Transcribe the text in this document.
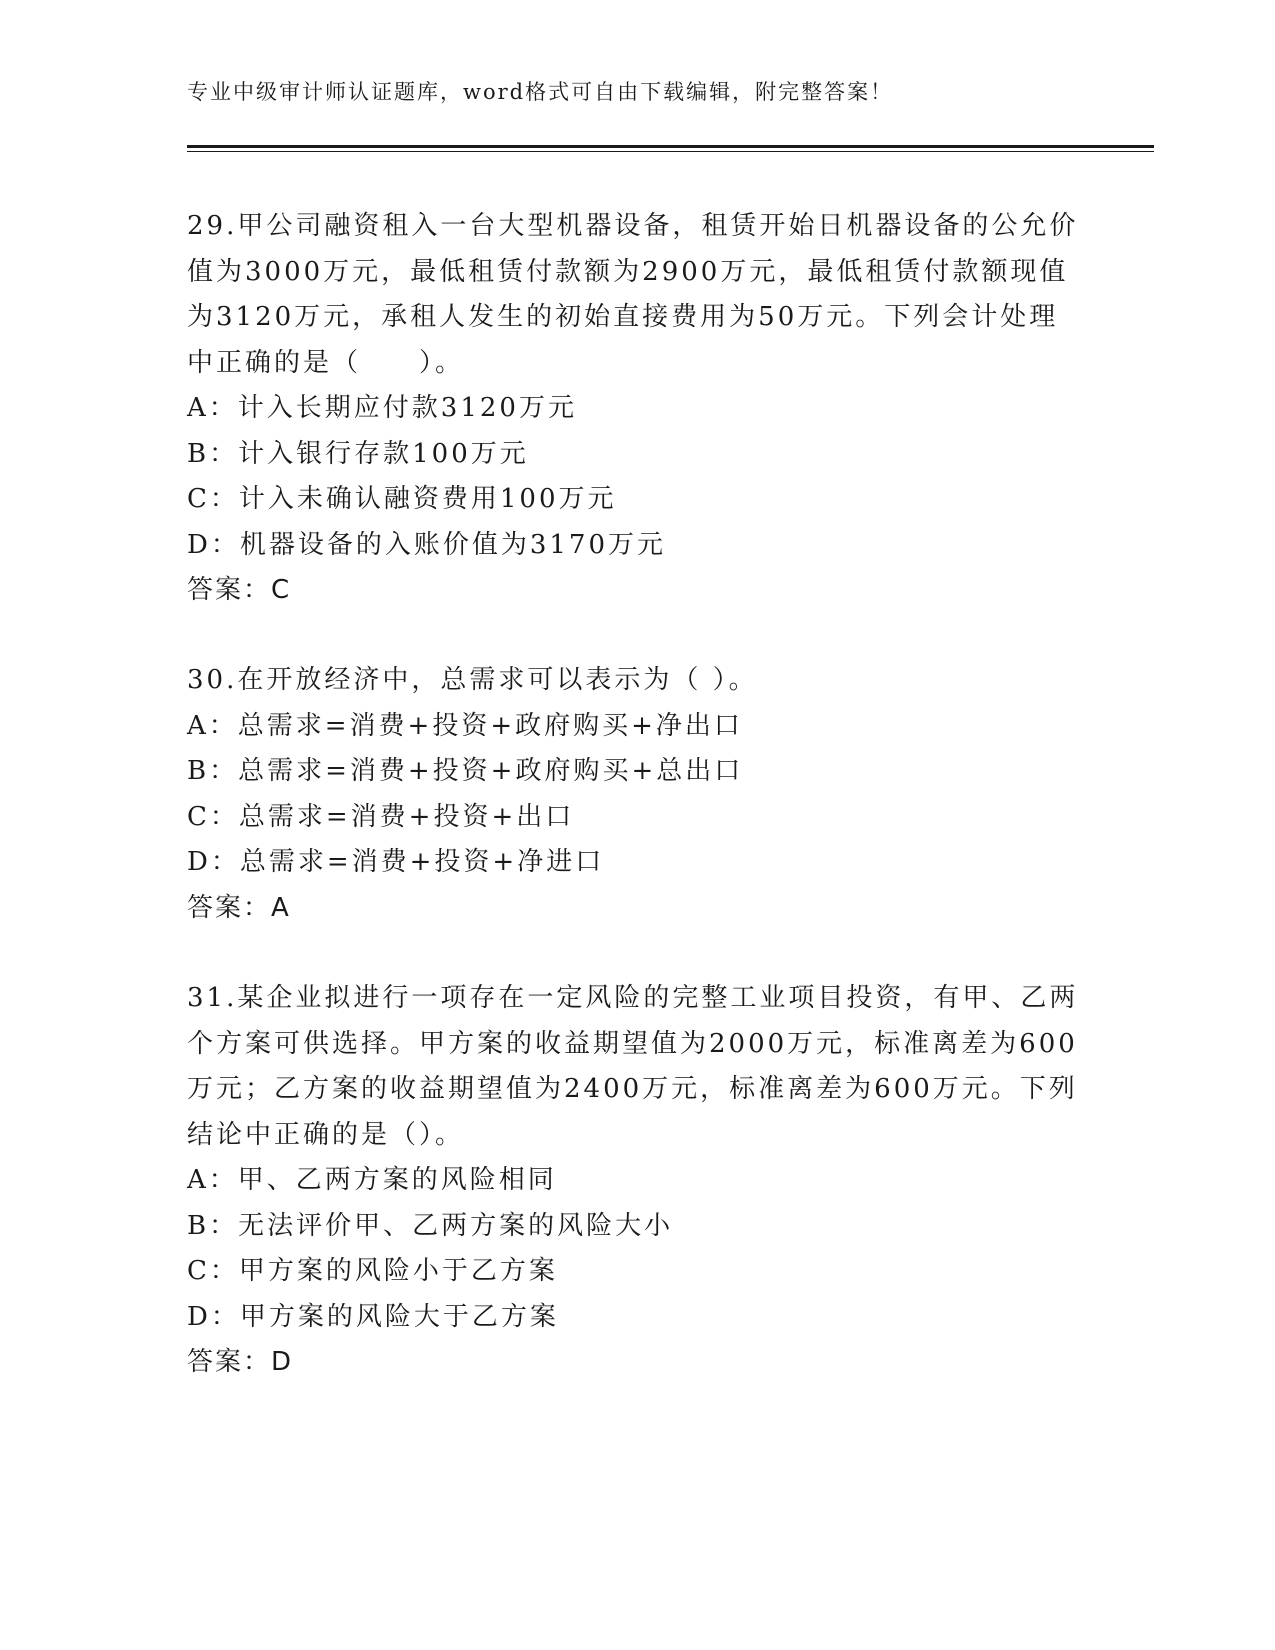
专业中级审计师认证题库，word格式可自由下载编辑，附完整答案！
29.甲公司融资租入一台大型机器设备，租赁开始日机器设备的公允价
值为3000万元，最低租赁付款额为2900万元，最低租赁付款额现值
为3120万元，承租人发生的初始直接费用为50万元。下列会计处理
中正确的是（　　）。
A：计入长期应付款3120万元
B：计入银行存款100万元
C：计入未确认融资费用100万元
D：机器设备的入账价值为3170万元
答案：C
30.在开放经济中，总需求可以表示为（ ）。
A：总需求=消费+投资+政府购买+净出口
B：总需求=消费+投资+政府购买+总出口
C：总需求=消费+投资+出口
D：总需求=消费+投资+净进口
答案：A
31.某企业拟进行一项存在一定风险的完整工业项目投资，有甲、乙两
个方案可供选择。甲方案的收益期望值为2000万元，标准离差为600
万元；乙方案的收益期望值为2400万元，标准离差为600万元。下列
结论中正确的是（）。
A：甲、乙两方案的风险相同
B：无法评价甲、乙两方案的风险大小
C：甲方案的风险小于乙方案
D：甲方案的风险大于乙方案
答案：D
